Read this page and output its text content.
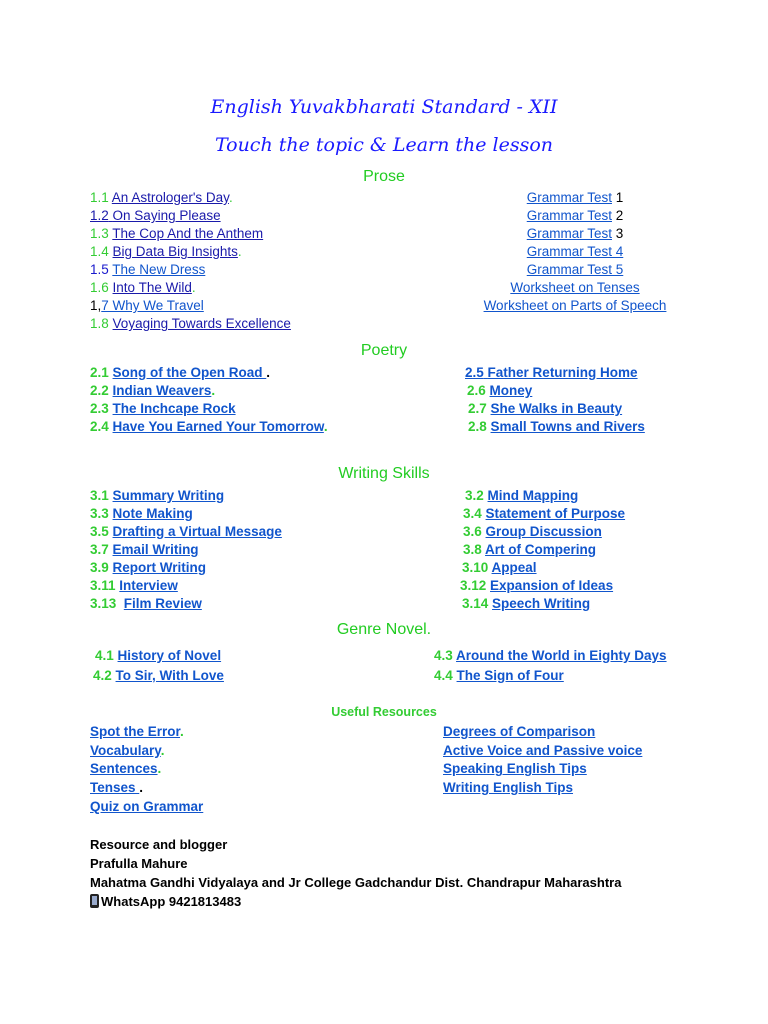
English Yuvakbharati Standard - XII
Touch the topic & Learn the lesson
Prose
1.1 An Astrologer's Day.
1.2 On Saying Please
1.3 The Cop And the Anthem
1.4 Big Data Big Insights.
1.5 The New Dress
1.6 Into The Wild.
1,7 Why We Travel
1.8 Voyaging Towards Excellence
Grammar Test 1
Grammar Test 2
Grammar Test 3
Grammar Test 4
Grammar Test 5
Worksheet on Tenses
Worksheet on Parts of Speech
Poetry
2.1 Song of the Open Road .
2.2 Indian Weavers.
2.3 The Inchcape Rock
2.4 Have You Earned Your Tomorrow.
2.5 Father Returning Home
2.6 Money
2.7 She Walks in Beauty
2.8 Small Towns and Rivers
Writing Skills
3.1 Summary Writing
3.3 Note Making
3.5 Drafting a Virtual Message
3.7 Email Writing
3.9 Report Writing
3.11 Interview
3.13 Film Review
3.2 Mind Mapping
3.4 Statement of Purpose
3.6 Group Discussion
3.8 Art of Compering
3.10 Appeal
3.12 Expansion of Ideas
3.14 Speech Writing
Genre Novel.
4.1 History of Novel
4.2 To Sir, With Love
4.3 Around the World in Eighty Days
4.4 The Sign of Four
Useful Resources
Spot the Error.
Vocabulary.
Sentences.
Tenses .
Quiz on Grammar
Degrees of Comparison
Active Voice and Passive voice
Speaking English Tips
Writing English Tips
Resource and blogger
Prafulla Mahure
Mahatma Gandhi Vidyalaya and Jr College Gadchandur Dist. Chandrapur Maharashtra
WhatsApp 9421813483
